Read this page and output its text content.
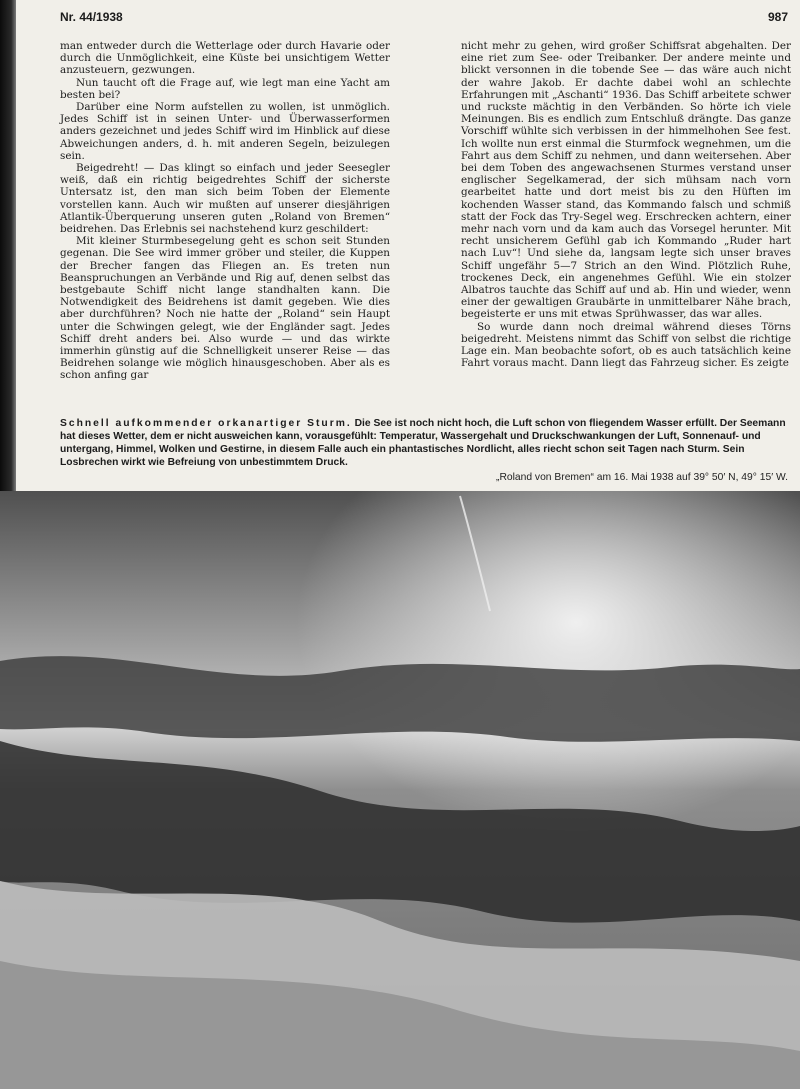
Nr. 44/1938	987

man entweder durch die Wetterlage oder durch Havarie oder durch die Unmöglichkeit, eine Küste bei unsichtigem Wetter anzusteuern, gezwungen.

Nun taucht oft die Frage auf, wie legt man eine Yacht am besten bei?

Darüber eine Norm aufstellen zu wollen, ist unmöglich. Jedes Schiff ist in seinen Unter- und Überwasserformen anders gezeichnet und jedes Schiff wird im Hinblick auf diese Abweichungen anders, d. h. mit anderen Segeln, beizulegen sein.

Beigedreht! — Das klingt so einfach und jeder Seesegler weiß, daß ein richtig beigedrehtes Schiff der sicherste Untersatz ist, den man sich beim Toben der Elemente vorstellen kann. Auch wir mußten auf unserer diesjährigen Atlantik-Überquerung unseren guten „Roland von Bremen“ beidrehen. Das Erlebnis sei nachstehend kurz geschildert:

Mit kleiner Sturmbesegelung geht es schon seit Stunden gegenan. Die See wird immer gröber und steiler, die Kuppen der Brecher fangen das Fliegen an. Es treten nun Beanspruchungen an Verbände und Rig auf, denen selbst das bestgebaute Schiff nicht lange standhalten kann. Die Notwendigkeit des Beidrehens ist damit gegeben. Wie dies aber durchführen? Noch nie hatte der „Roland“ sein Haupt unter die Schwingen gelegt, wie der Engländer sagt. Jedes Schiff dreht anders bei. Also wurde — und das wirkte immerhin günstig auf die Schnelligkeit unserer Reise — das Beidrehen solange wie möglich hinausgeschoben. Aber als es schon anfing gar

nicht mehr zu gehen, wird großer Schiffsrat abgehalten. Der eine riet zum See- oder Treibanker. Der andere meinte und blickt versonnen in die tobende See — das wäre auch nicht der wahre Jakob. Er dachte dabei wohl an schlechte Erfahrungen mit „Aschanti“ 1936. Das Schiff arbeitete schwer und ruckste mächtig in den Verbänden. So hörte ich viele Meinungen. Bis es endlich zum Entschluß drängte. Das ganze Vorschiff wühlte sich verbissen in der himmelhohen See fest. Ich wollte nun erst einmal die Sturmfock wegnehmen, um die Fahrt aus dem Schiff zu nehmen, und dann weitersehen. Aber bei dem Toben des angewachsenen Sturmes verstand unser englischer Segelkamerad, der sich mühsam nach vorn gearbeitet hatte und dort meist bis zu den Hüften im kochenden Wasser stand, das Kommando falsch und schmiß statt der Fock das Try-Segel weg. Erschrecken achtern, einer mehr nach vorn und da kam auch das Vorsegel herunter. Mit recht unsicherem Gefühl gab ich Kommando „Ruder hart nach Luv“! Und siehe da, langsam legte sich unser braves Schiff ungefähr 5—7 Strich an den Wind. Plötzlich Ruhe, trockenes Deck, ein angenehmes Gefühl. Wie ein stolzer Albatros tauchte das Schiff auf und ab. Hin und wieder, wenn einer der gewaltigen Graubärte in unmittelbarer Nähe brach, begeisterte er uns mit etwas Sprühwasser, das war alles.

So wurde dann noch dreimal während dieses Törns beigedreht. Meistens nimmt das Schiff von selbst die richtige Lage ein. Man beobachte sofort, ob es auch tatsächlich keine Fahrt voraus macht. Dann liegt das Fahrzeug sicher. Es zeigte

Schnell aufkommender orkanartiger Sturm. Die See ist noch nicht hoch, die Luft schon von fliegendem Wasser erfüllt. Der Seemann hat dieses Wetter, dem er nicht ausweichen kann, vorausgefühlt: Temperatur, Wassergehalt und Druckschwankungen der Luft, Sonnenauf- und untergang, Himmel, Wolken und Gestirne, in diesem Falle auch ein phantastisches Nordlicht, alles riecht schon seit Tagen nach Sturm. Sein Losbrechen wirkt wie Befreiung von unbestimmtem Druck.
„Roland von Bremen“ am 16. Mai 1938 auf 39° 50′ N, 49° 15′ W.
